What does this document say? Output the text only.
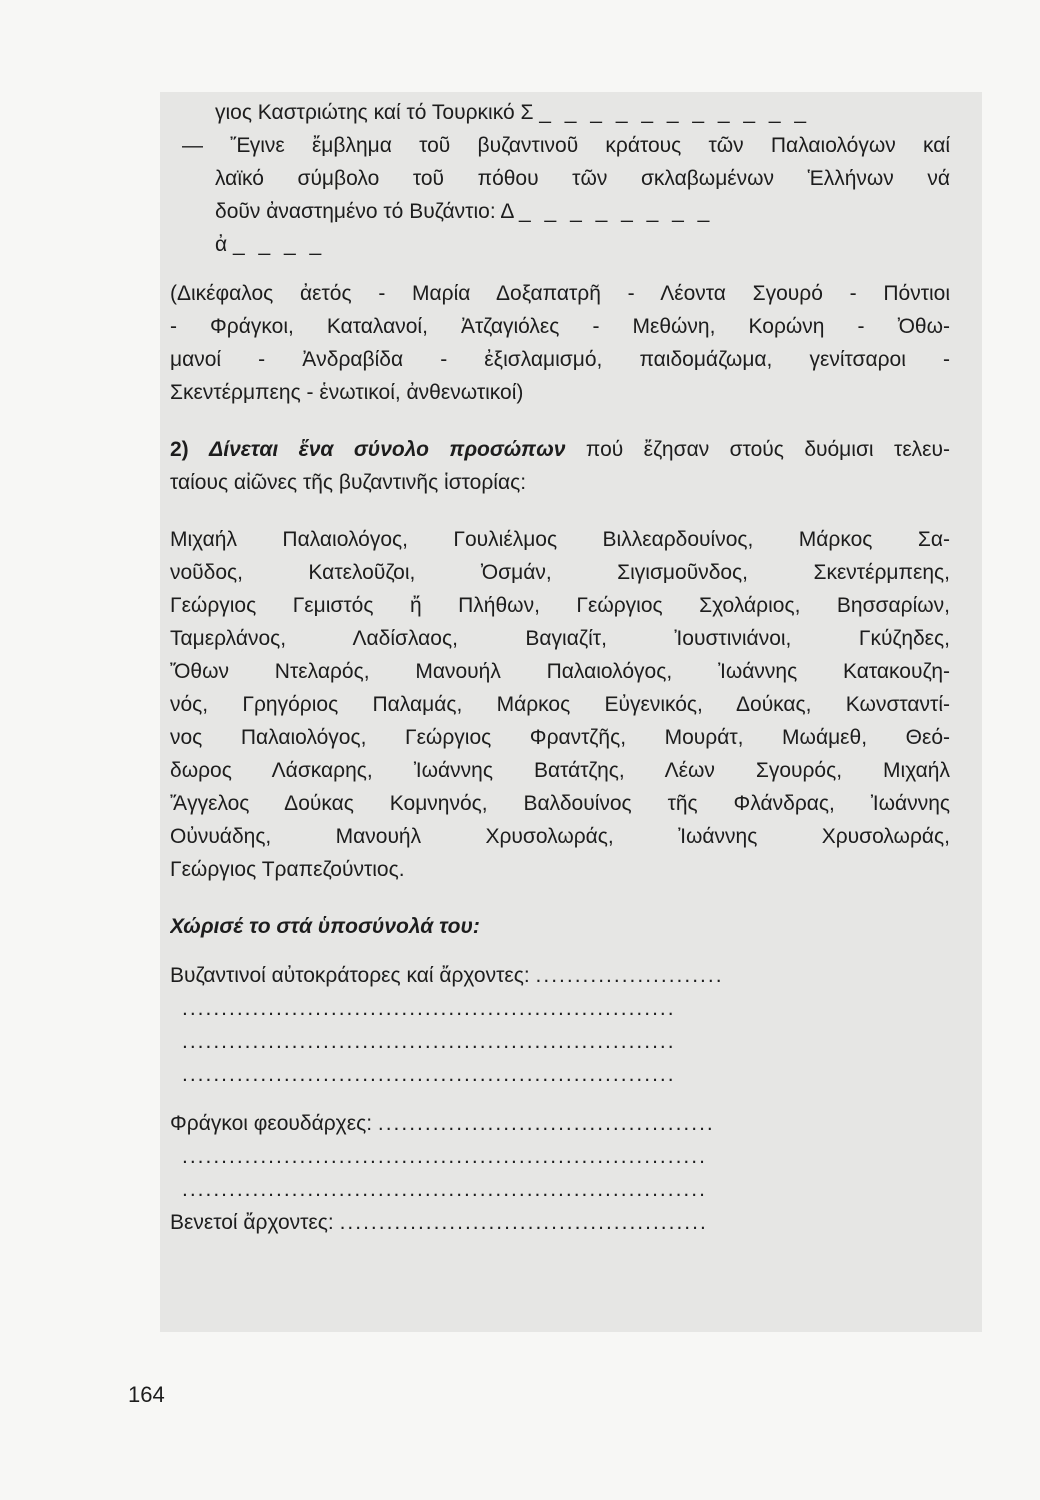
γιος Καστριώτης καί τό Τουρκικό Σ _ _ _ _ _ _ _ _ _ _ _
— Ἔγινε ἔμβλημα τοῦ βυζαντινοῦ κράτους τῶν Παλαιολόγων καί
λαϊκό σύμβολο τοῦ πόθου τῶν σκλαβωμένων Ἑλλήνων νά
δοῦν ἀναστημένο τό Βυζάντιο: Δ _ _ _ _ _ _ _ _
ἀ _ _ _ _
(Δικέφαλος ἀετός - Μαρία Δοξαπατρῆ - Λέοντα Σγουρό - Πόντιοι
- Φράγκοι, Καταλανοί, Ἀτζαγιόλες - Μεθώνη, Κορώνη - Ὀθω-
μανοί - Ἀνδραβίδα - ἐξισλαμισμό, παιδομάζωμα, γενίτσαροι -
Σκεντέρμπεης - ἑνωτικοί, ἀνθενωτικοί)
2) Δίνεται ἕνα σύνολο προσώπων πού ἔζησαν στούς δυόμισι τελευ-
ταίους αἰῶνες τῆς βυζαντινῆς ἱστορίας:
Μιχαήλ Παλαιολόγος, Γουλιέλμος Βιλλεαρδουίνος, Μάρκος Σα-
νοῦδος, Κατελοῦζοι, Ὀσμάν, Σιγισμοῦνδος, Σκεντέρμπεης,
Γεώργιος Γεμιστός ἤ Πλήθων, Γεώργιος Σχολάριος, Βησσαρίων,
Ταμερλάνος, Λαδίσλαος, Βαγιαζίτ, Ἰουστινιάνοι, Γκύζηδες,
Ὄθων Ντελαρός, Μανουήλ Παλαιολόγος, Ἰωάννης Κατακουζη-
νός, Γρηγόριος Παλαμάς, Μάρκος Εὐγενικός, Δούκας, Κωνσταντί-
νος Παλαιολόγος, Γεώργιος Φραντζῆς, Μουράτ, Μωάμεθ, Θεό-
δωρος Λάσκαρης, Ἰωάννης Βατάτζης, Λέων Σγουρός, Μιχαήλ
Ἄγγελος Δούκας Κομνηνός, Βαλδουίνος τῆς Φλάνδρας, Ἰωάννης
Οὐνυάδης, Μανουήλ Χρυσολωράς, Ἰωάννης Χρυσολωράς,
Γεώργιος Τραπεζούντιος.
Χώρισέ το στά ὑποσύνολά του:
Βυζαντινοί αὐτοκράτορες καί ἄρχοντες: ........................
...............................................................
...............................................................
...............................................................
Φράγκοι φεουδάρχες: ...........................................
...................................................................
...................................................................
Βενετοί ἄρχοντες: ...............................................

164
